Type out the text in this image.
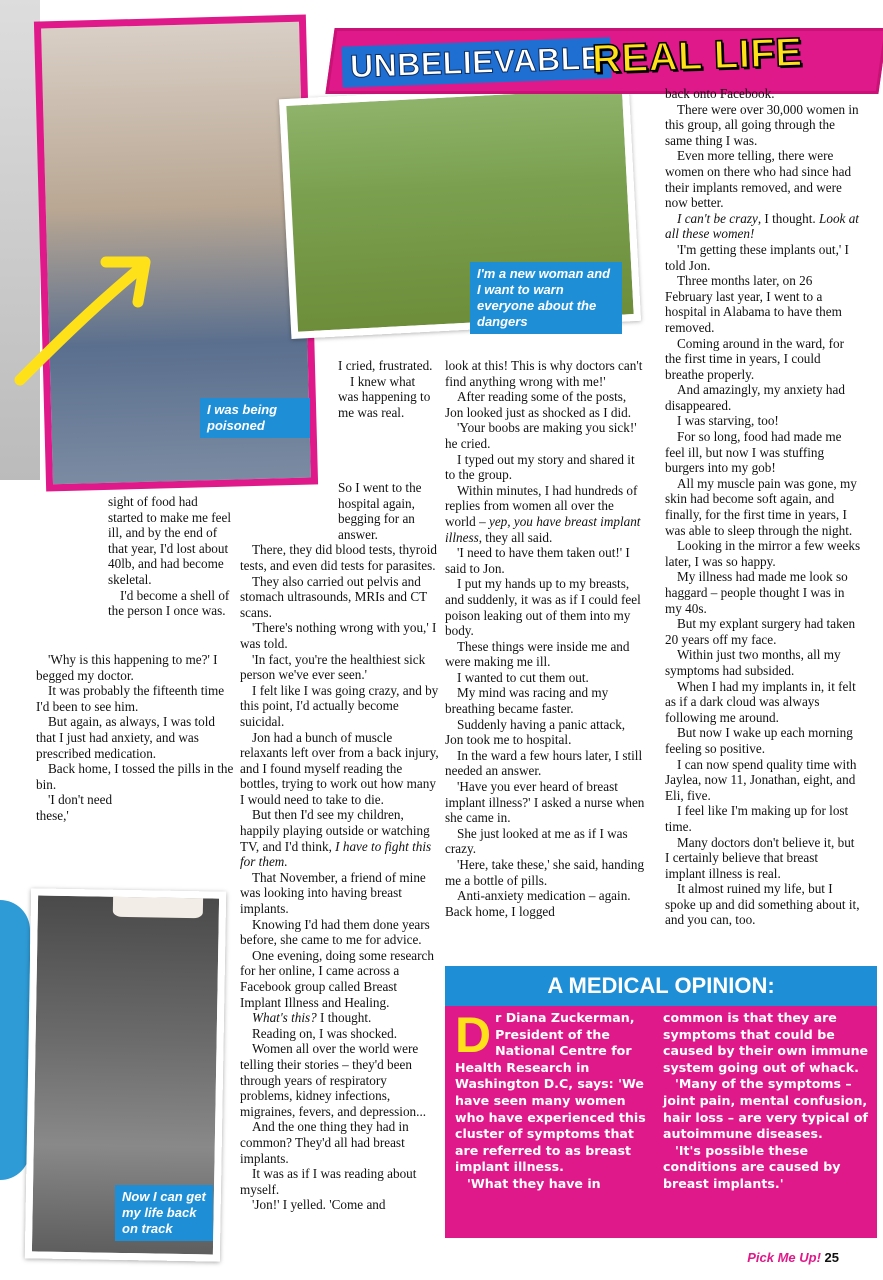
I was being poisoned
I'm a new woman and I want to warn everyone about the dangers
UNBELIEVABLE
REAL LIFE
Now I can get my life back on track

sight of food had started to make me feel ill, and by the end of that year, I'd lost about 40lb, and had become skeletal.

I'd become a shell of the person I once was.

'Why is this happening to me?' I begged my doctor.

It was probably the fifteenth time I'd been to see him.

But again, as always, I was told that I just had anxiety, and was prescribed medication.

Back home, I tossed the pills in the bin.

'I don't need these,'

I cried, frustrated.

I knew what was happening to me was real.

So I went to the hospital again, begging for an answer.

There, they did blood tests, thyroid tests, and even did tests for parasites.

They also carried out pelvis and stomach ultrasounds, MRIs and CT scans.

'There's nothing wrong with you,' I was told.

'In fact, you're the healthiest sick person we've ever seen.'

I felt like I was going crazy, and by this point, I'd actually become suicidal.

Jon had a bunch of muscle relaxants left over from a back injury, and I found myself reading the bottles, trying to work out how many I would need to take to die.

But then I'd see my children, happily playing outside or watching TV, and I'd think, I have to fight this for them.

That November, a friend of mine was looking into having breast implants.

Knowing I'd had them done years before, she came to me for advice.

One evening, doing some research for her online, I came across a Facebook group called Breast Implant Illness and Healing.

What's this? I thought.

Reading on, I was shocked.

Women all over the world were telling their stories – they'd been through years of respiratory problems, kidney infections, migraines, fevers, and depression...

And the one thing they had in common? They'd all had breast implants.

It was as if I was reading about myself.

'Jon!' I yelled. 'Come and

look at this! This is why doctors can't find anything wrong with me!'

After reading some of the posts, Jon looked just as shocked as I did.

'Your boobs are making you sick!' he cried.

I typed out my story and shared it to the group.

Within minutes, I had hundreds of replies from women all over the world – yep, you have breast implant illness, they all said.

'I need to have them taken out!' I said to Jon.

I put my hands up to my breasts, and suddenly, it was as if I could feel poison leaking out of them into my body.

These things were inside me and were making me ill.

I wanted to cut them out.

My mind was racing and my breathing became faster.

Suddenly having a panic attack, Jon took me to hospital.

In the ward a few hours later, I still needed an answer.

'Have you ever heard of breast implant illness?' I asked a nurse when she came in.

She just looked at me as if I was crazy.

'Here, take these,' she said, handing me a bottle of pills.

Anti-anxiety medication – again. Back home, I logged

back onto Facebook.

There were over 30,000 women in this group, all going through the same thing I was.

Even more telling, there were women on there who had since had their implants removed, and were now better.

I can't be crazy, I thought. Look at all these women!

'I'm getting these implants out,' I told Jon.

Three months later, on 26 February last year, I went to a hospital in Alabama to have them removed.

Coming around in the ward, for the first time in years, I could breathe properly.

And amazingly, my anxiety had disappeared.

I was starving, too!

For so long, food had made me feel ill, but now I was stuffing burgers into my gob!

All my muscle pain was gone, my skin had become soft again, and finally, for the first time in years, I was able to sleep through the night.

Looking in the mirror a few weeks later, I was so happy.

My illness had made me look so haggard – people thought I was in my 40s.

But my explant surgery had taken 20 years off my face.

Within just two months, all my symptoms had subsided.

When I had my implants in, it felt as if a dark cloud was always following me around.

But now I wake up each morning feeling so positive.

I can now spend quality time with Jaylea, now 11, Jonathan, eight, and Eli, five.

I feel like I'm making up for lost time.

Many doctors don't believe it, but I certainly believe that breast implant illness is real.

It almost ruined my life, but I spoke up and did something about it, and you can, too.

A MEDICAL OPINION:

Dr Diana Zuckerman, President of the National Centre for Health Research in Washington D.C, says: 'We have seen many women who have experienced this cluster of symptoms that are referred to as breast implant illness.

'What they have in

common is that they are symptoms that could be caused by their own immune system going out of whack.

'Many of the symptoms – joint pain, mental confusion, hair loss – are very typical of autoimmune diseases.

'It's possible these conditions are caused by breast implants.'

Pick Me Up! 25
